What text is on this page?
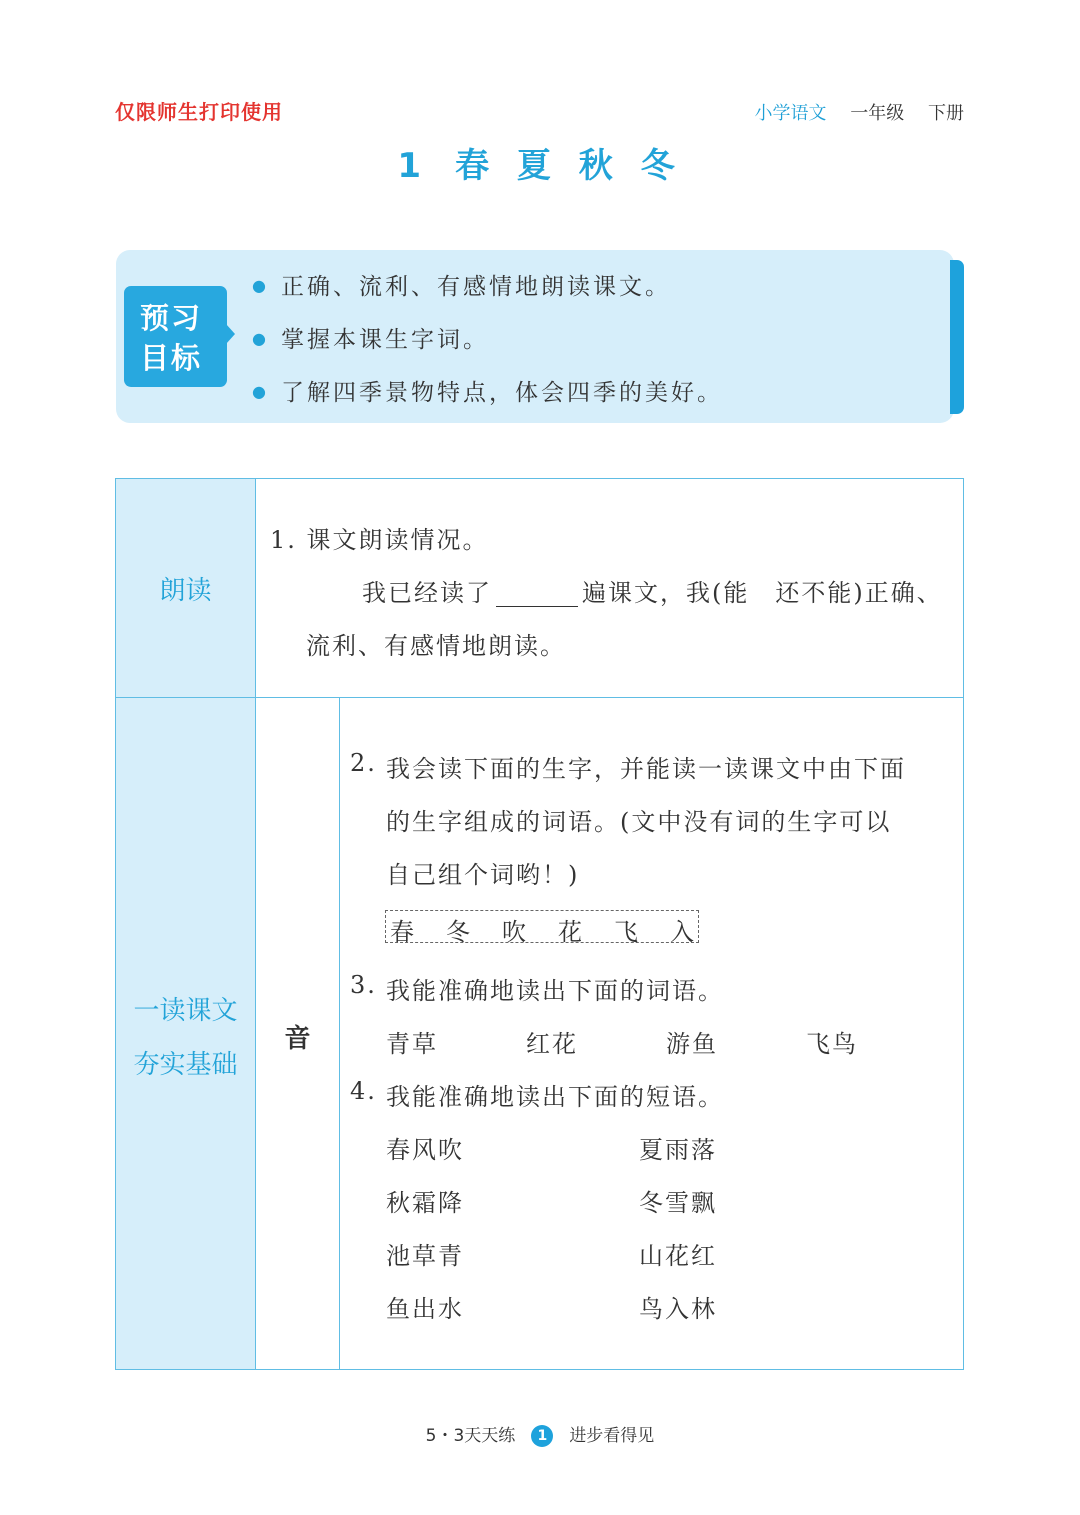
仅限师生打印使用	小学语文 一年级 下册
1 春 夏 秋 冬
预习
目标
● 正确、流利、有感情地朗读课文。
● 掌握本课生字词。
● 了解四季景物特点，体会四季的美好。
朗读
1. 课文朗读情况。
我已经读了	遍课文，我(能　还不能)正确、
流利、有感情地朗读。
一读课文
夯实基础
音
2. 我会读下面的生字，并能读一读课文中由下面
的生字组成的词语。(文中没有词的生字可以
自己组个词哟！)
春 冬 吹 花 飞 入
3. 我能准确地读出下面的词语。
青草	红花	游鱼	飞鸟
4. 我能准确地读出下面的短语。
春风吹	夏雨落
秋霜降	冬雪飘
池草青	山花红
鱼出水	鸟入林
5・3天天练 1 进步看得见
